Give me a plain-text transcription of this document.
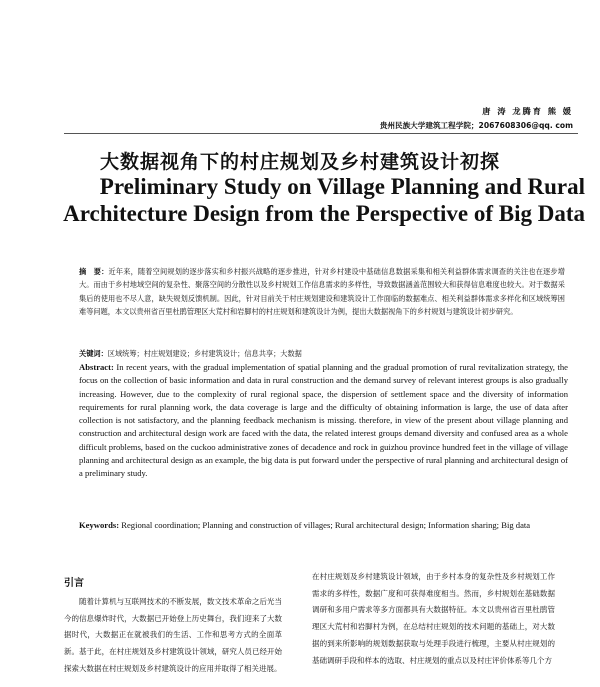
唐 涛 龙腾育 熊 媛
贵州民族大学建筑工程学院；2067608306@qq. com
大数据视角下的村庄规划及乡村建筑设计初探
Preliminary Study on Village Planning and Rural
Architecture Design from the Perspective of Big Data
摘　要：近年来，随着空间规划的逐步落实和乡村振兴战略的逐步推进，针对乡村建设中基础信息数据采集和相关利益群体需求调查的关注也在逐步增大。而由于乡村地域空间的复杂性、聚落空间的分散性以及乡村规划工作信息需求的多样性，导致数据涵盖范围较大和获得信息难度也较大。对于数据采集后的使用也不尽人意，缺失规划反馈机制。因此，针对目前关于村庄规划建设和建筑设计工作面临的数据难点、相关利益群体需求多样化和区域统筹困难等问题，本文以贵州省百里杜鹃管理区大荒村和岩脚村的村庄规划和建筑设计为例，提出大数据视角下的乡村规划与建筑设计初步研究。
关键词：区域统筹；村庄规划建设；乡村建筑设计；信息共享；大数据
Abstract: In recent years, with the gradual implementation of spatial planning and the gradual promotion of rural revitalization strategy, the focus on the collection of basic information and data in rural construction and the demand survey of relevant interest groups is also gradually increasing. However, due to the complexity of rural regional space, the dispersion of settlement space and the diversity of information requirements for rural planning work, the data coverage is large and the difficulty of obtaining information is large, the use of data after collection is not satisfactory, and the planning feedback mechanism is missing. therefore, in view of the present about village planning and construction and architectural design work are faced with the data, the related interest groups demand diversity and confused area as a whole difficult problems, based on the cuckoo administrative zones of decadence and rock in guizhou province hundred feet in the village of village planning and architectural design as an example, the big data is put forward under the perspective of rural planning and architectural design of a preliminary study.
Keywords: Regional coordination; Planning and construction of villages; Rural architectural design; Information sharing; Big data
引言
随着计算机与互联网技术的不断发展，数文技术革命之后光当今的信息爆炸时代，大数据已开始登上历史舞台，我们迎来了大数据时代，大数据正在就被我们的生活、工作和思考方式的全面革新。基于此，在村庄规划及乡村建筑设计领域，研究人员已经开始探索大数据在村庄规划及乡村建筑设计的应用并取得了相关进展。
在村庄规划及乡村建筑设计领域，由于乡村本身的复杂性及乡村规划工作需求的多样性，数据广度和可获得难度相当。然而，乡村规划在基础数据调研和多用户需求等多方面都具有大数据特征。本文以贵州省百里杜鹃管理区大荒村和岩脚村为例，在总结村庄规划的技术问题的基础上，对大数据的到来所影响的规划数据获取与处理手段进行梳理，主要从村庄规划的基础调研手段和样本的选取、村庄规划的重点以及村庄评价体系等几个方
